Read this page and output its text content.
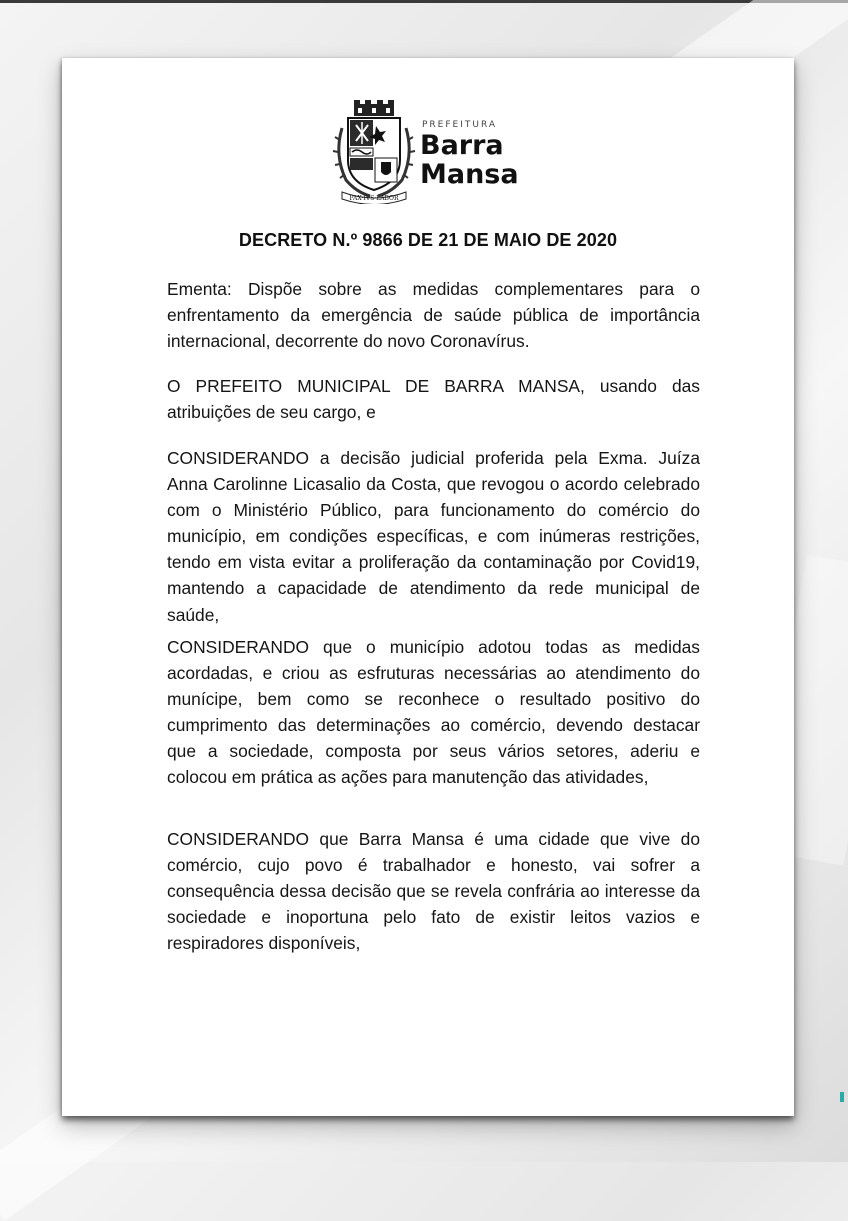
PAX·IVS·LABOR
PREFEITURA
Barra
Mansa
DECRETO N.º 9866 DE 21 DE MAIO DE 2020

Ementa: Dispõe sobre as medidas complementares para o enfrentamento da emergência de saúde pública de importância internacional, decorrente do novo Coronavírus.

O PREFEITO MUNICIPAL DE BARRA MANSA, usando das atribuições de seu cargo, e

CONSIDERANDO a decisão judicial proferida pela Exma. Juíza Anna Carolinne Licasalio da Costa, que revogou o acordo celebrado com o Ministério Público, para funcionamento do comércio do município, em condições específicas, e com inúmeras restrições, tendo em vista evitar a proliferação da contaminação por Covid19, mantendo a capacidade de atendimento da rede municipal de saúde,

CONSIDERANDO que o município adotou todas as medidas acordadas, e criou as esfruturas necessárias ao atendimento do munícipe, bem como se reconhece o resultado positivo do cumprimento das determinações ao comércio, devendo destacar que a sociedade, composta por seus vários setores, aderiu e colocou em prática as ações para manutenção das atividades,

CONSIDERANDO que Barra Mansa é uma cidade que vive do comércio, cujo povo é trabalhador e honesto, vai sofrer a consequência dessa decisão que se revela confrária ao interesse da sociedade e inoportuna pelo fato de existir leitos vazios e respiradores disponíveis,
